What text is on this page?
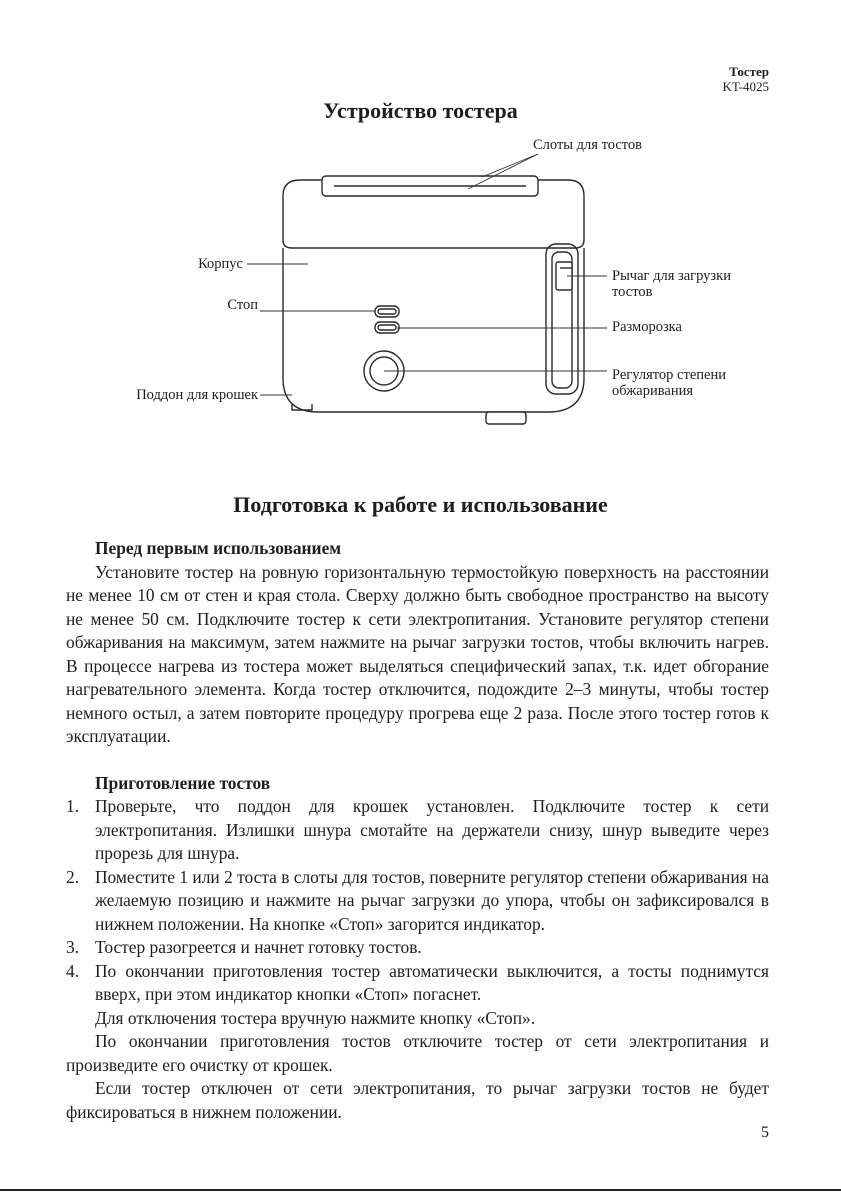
Тостер
KT-4025
Устройство тостера
Слоты для тостов
Корпус
Стоп
Поддон для крошек
Рычаг для загрузки тостов
Разморозка
Регулятор степени обжаривания
Подготовка к работе и использование

Перед первым использованием

Установите тостер на ровную горизонтальную термостойкую поверхность на расстоянии не менее 10 см от стен и края стола. Сверху должно быть свободное пространство на высоту не менее 50 см. Подключите тостер к сети электропитания. Установите регулятор степени обжаривания на максимум, затем нажмите на рычаг загрузки тостов, чтобы включить нагрев. В процессе нагрева из тостера может выделяться специфический запах, т.к. идет обгорание нагревательного элемента. Когда тостер отключится, подождите 2–3 минуты, чтобы тостер немного остыл, а затем повторите процедуру прогрева еще 2 раза. После этого тостер готов к эксплуатации.

Приготовление тостов

1. Проверьте, что поддон для крошек установлен. Подключите тостер к сети электропитания. Излишки шнура смотайте на держатели снизу, шнур выведите через прорезь для шнура.
2. Поместите 1 или 2 тоста в слоты для тостов, поверните регулятор степени обжаривания на желаемую позицию и нажмите на рычаг загрузки до упора, чтобы он зафиксировался в нижнем положении. На кнопке «Стоп» загорится индикатор.
3. Тостер разогреется и начнет готовку тостов.
4. По окончании приготовления тостер автоматически выключится, а тосты поднимутся вверх, при этом индикатор кнопки «Стоп» погаснет.

Для отключения тостера вручную нажмите кнопку «Стоп».

По окончании приготовления тостов отключите тостер от сети электропитания и произведите его очистку от крошек.

Если тостер отключен от сети электропитания, то рычаг загрузки тостов не будет фиксироваться в нижнем положении.

5
